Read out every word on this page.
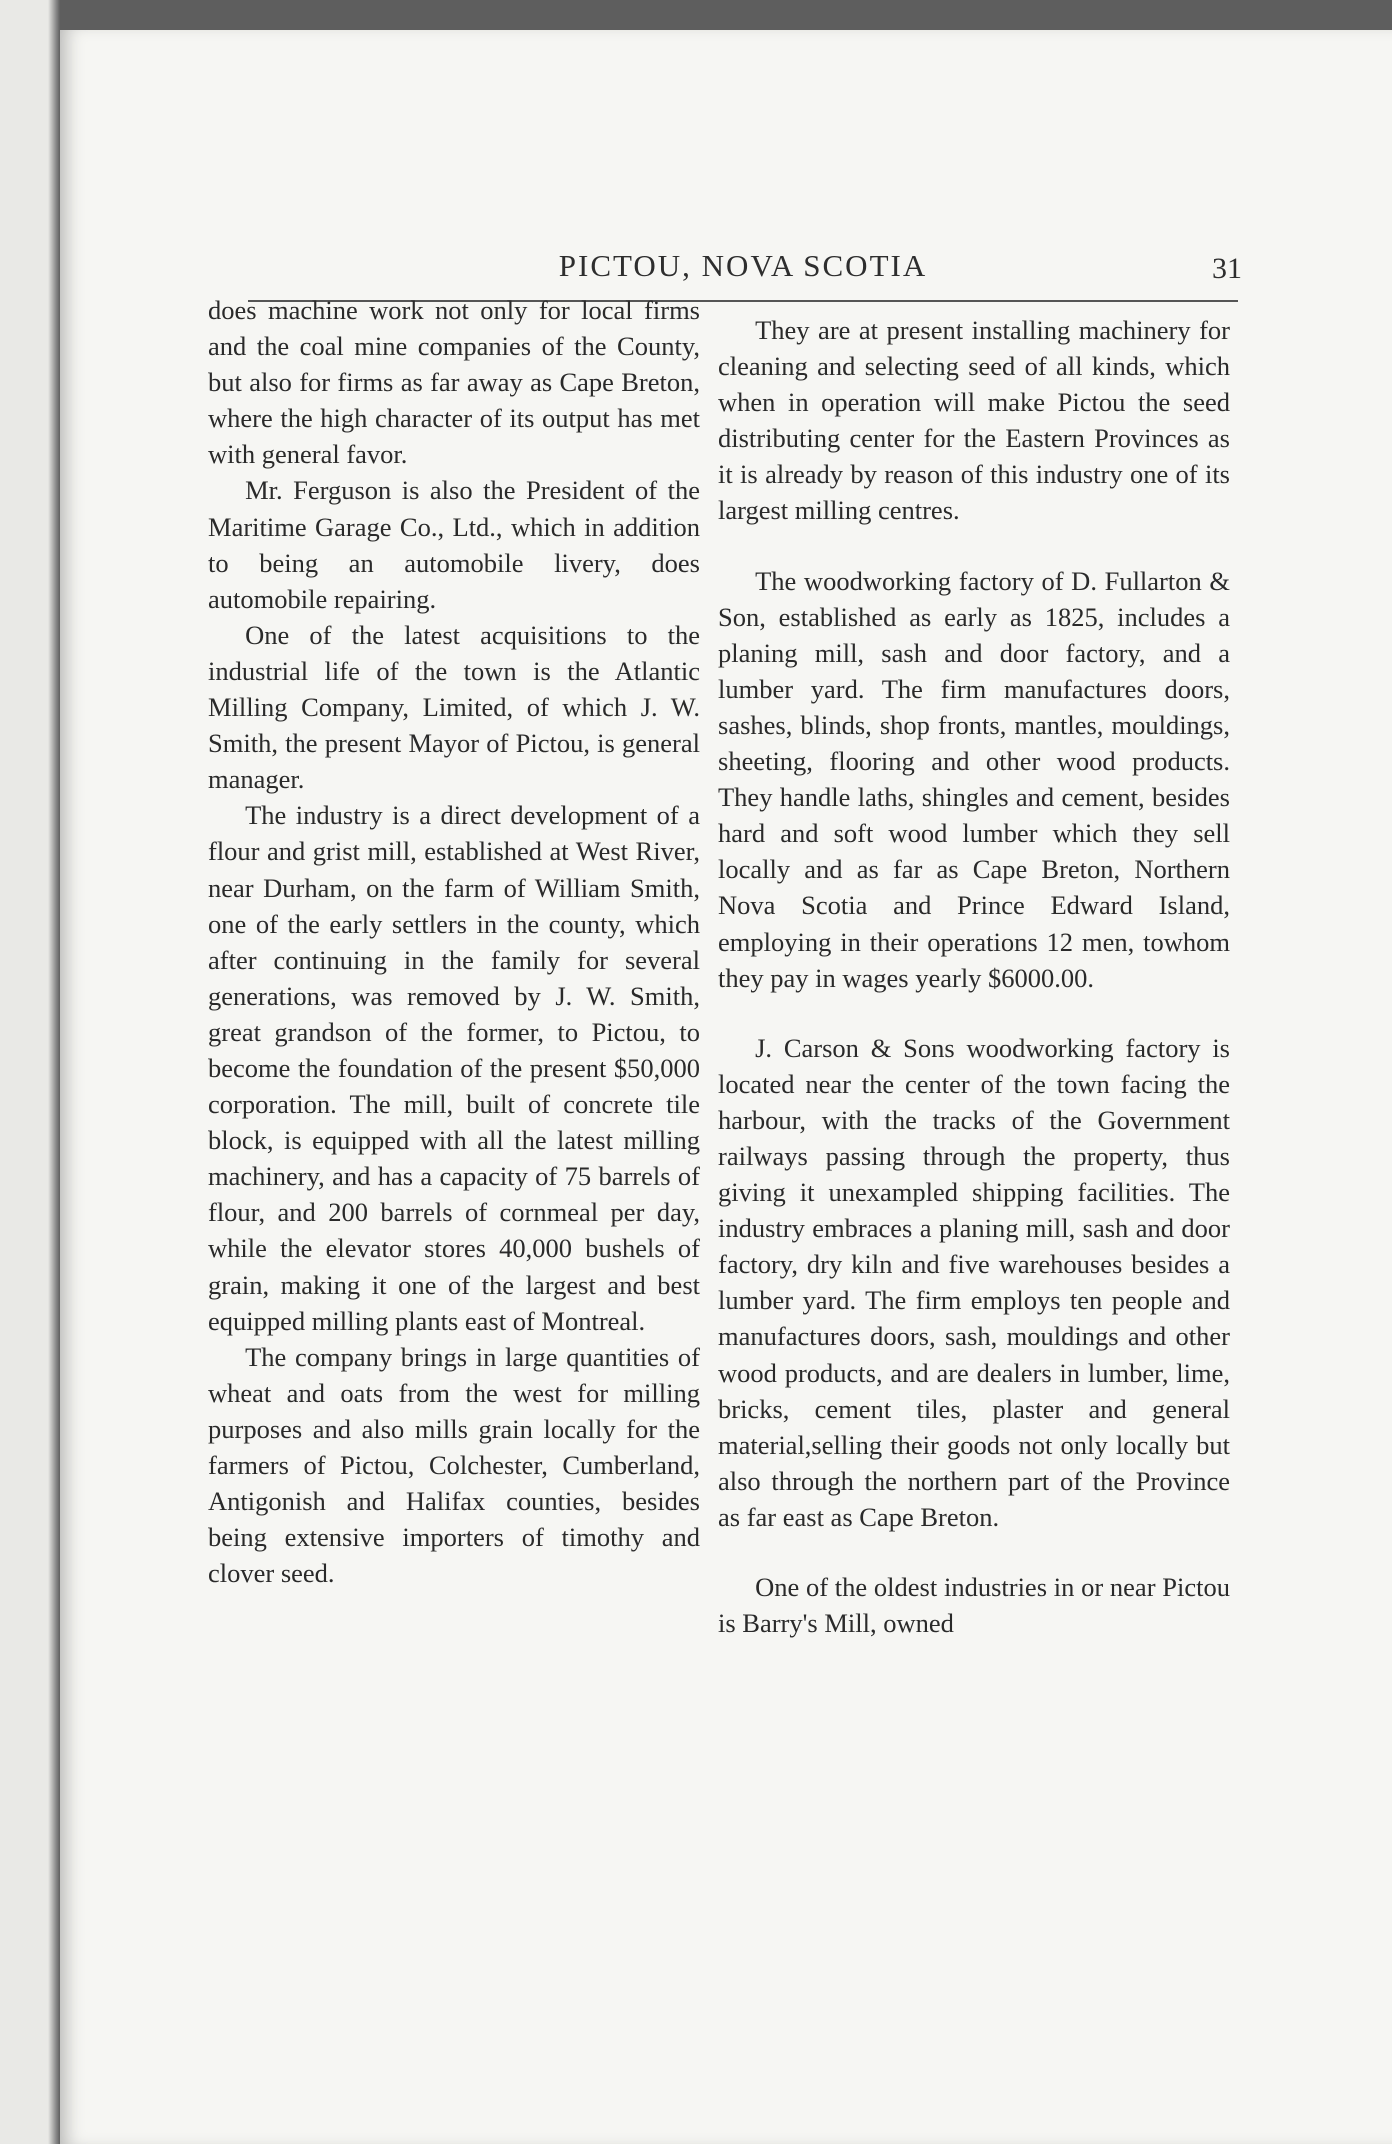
PICTOU, NOVA SCOTIA	31

does machine work not only for local firms and the coal mine companies of the County, but also for firms as far away as Cape Breton, where the high character of its output has met with general favor.

Mr. Ferguson is also the President of the Maritime Garage Co., Ltd., which in addition to being an automobile livery, does automobile repairing.

One of the latest acquisitions to the industrial life of the town is the Atlantic Milling Company, Limited, of which J. W. Smith, the present Mayor of Pictou, is general manager.

The industry is a direct development of a flour and grist mill, established at West River, near Durham, on the farm of William Smith, one of the early settlers in the county, which after continuing in the family for several generations, was removed by J. W. Smith, great grandson of the former, to Pictou, to become the foundation of the present $50,000 corporation. The mill, built of concrete tile block, is equipped with all the latest milling machinery, and has a capacity of 75 barrels of flour, and 200 barrels of cornmeal per day, while the elevator stores 40,000 bushels of grain, making it one of the largest and best equipped milling plants east of Montreal.

The company brings in large quantities of wheat and oats from the west for milling purposes and also mills grain locally for the farmers of Pictou, Colchester, Cumberland, Antigonish and Halifax counties, besides being extensive importers of timothy and clover seed.

They are at present installing machinery for cleaning and selecting seed of all kinds, which when in operation will make Pictou the seed distributing center for the Eastern Provinces as it is already by reason of this industry one of its largest milling centres.

The woodworking factory of D. Fullarton & Son, established as early as 1825, includes a planing mill, sash and door factory, and a lumber yard. The firm manufactures doors, sashes, blinds, shop fronts, mantles, mouldings, sheeting, flooring and other wood products. They handle laths, shingles and cement, besides hard and soft wood lumber which they sell locally and as far as Cape Breton, Northern Nova Scotia and Prince Edward Island, employing in their operations 12 men, towhom they pay in wages yearly $6000.00.

J. Carson & Sons woodworking factory is located near the center of the town facing the harbour, with the tracks of the Government railways passing through the property, thus giving it unexampled shipping facilities. The industry embraces a planing mill, sash and door factory, dry kiln and five warehouses besides a lumber yard. The firm employs ten people and manufactures doors, sash, mouldings and other wood products, and are dealers in lumber, lime, bricks, cement tiles, plaster and general material,selling their goods not only locally but also through the northern part of the Province as far east as Cape Breton.

One of the oldest industries in or near Pictou is Barry's Mill, owned
